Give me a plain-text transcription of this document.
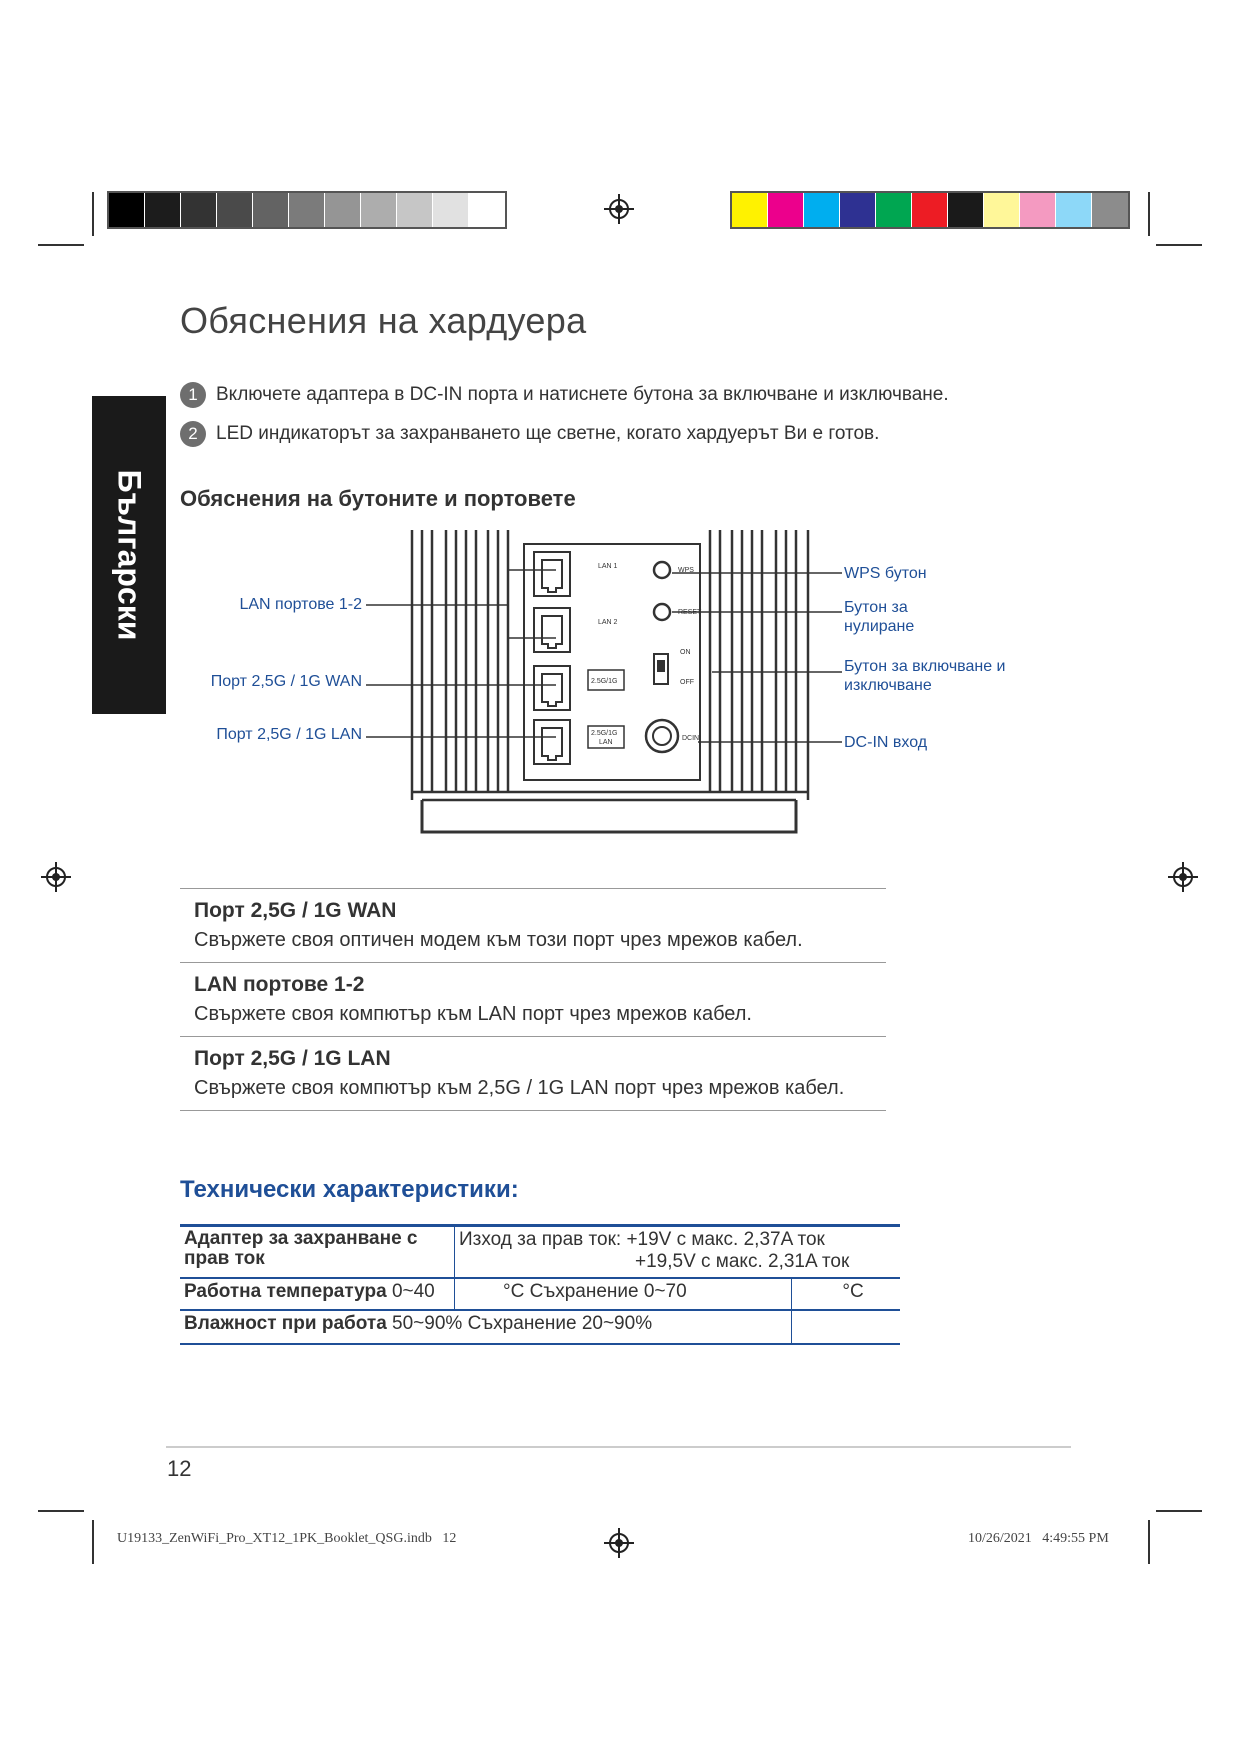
Български
Обяснения на хардуера
1 Включете адаптера в DC-IN порта и натиснете бутона за включване и изключване.
2 LED индикаторът за захранването ще светне, когато хардуерът Ви е готов.
Обяснения на бутоните и портовете
LAN 1
LAN 2
WPS
RESET
ON
OFF
DCIN
2.5G/1G
2.5G/1G
LAN
LAN портове 1-2
Порт 2,5G / 1G WAN
Порт 2,5G / 1G LAN
WPS бутон
Бутон за нулиране
Бутон за включване и изключване
DC-IN вход
Порт 2,5G / 1G WAN
Свържете своя оптичен модем към този порт чрез мрежов кабел.
LAN портове 1-2
Свържете своя компютър към LAN порт чрез мрежов кабел.
Порт 2,5G / 1G LAN
Свържете своя компютър към 2,5G / 1G LAN порт чрез мрежов кабел.
Технически характеристики:
Адаптер за захранване с прав ток	Изход за прав ток: +19V с макс. 2,37A ток
+19,5V с макс. 2,31A ток	

Работна температура 0~40	°C Съхранение 0~70	°C
Влажност при работа 50~90% Съхранение 20~90%		
12
U19133_ZenWiFi_Pro_XT12_1PK_Booklet_QSG.indb   12	10/26/2021   4:49:55 PM
